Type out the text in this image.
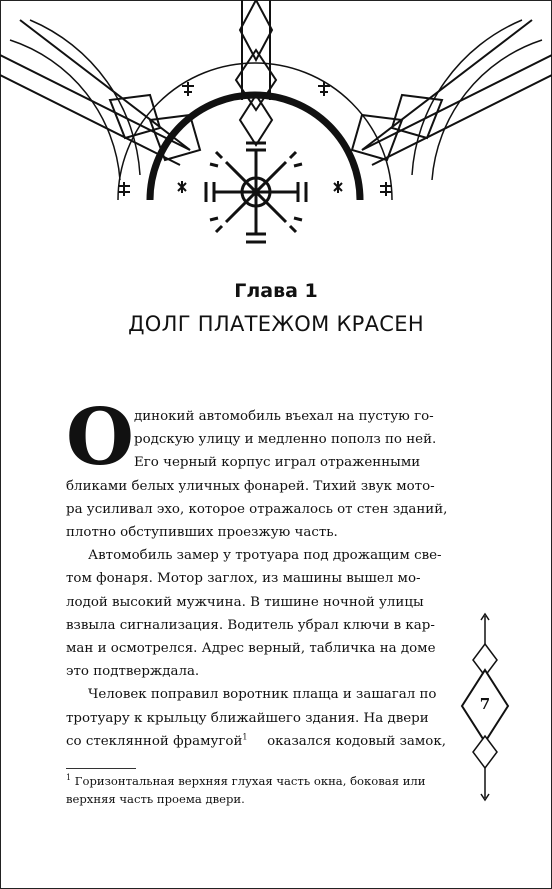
Глава 1
ДОЛГ ПЛАТЕЖОМ КРАСЕН
О динокий автомобиль въехал на пустую го-
родскую улицу и медленно пополз по ней.
Его черный корпус играл отраженными
бликами белых уличных фонарей. Тихий звук мото-
ра усиливал эхо, которое отражалось от стен зданий,
плотно обступивших проезжую часть.
Автомобиль замер у тротуара под дрожащим све-
том фонаря. Мотор заглох, из машины вышел мо-
лодой высокий мужчина. В тишине ночной улицы
взвыла сигнализация. Водитель убрал ключи в кар-
ман и осмотрелся. Адрес верный, табличка на доме
это подтверждала.
Человек поправил воротник плаща и зашагал по
тротуару к крыльцу ближайшего здания. На двери
со стеклянной фрамугой$^1$ оказался кодовый замок,
$^1$ Горизонтальная верхняя глухая часть окна, боковая или верхняя часть проема двери.
7
